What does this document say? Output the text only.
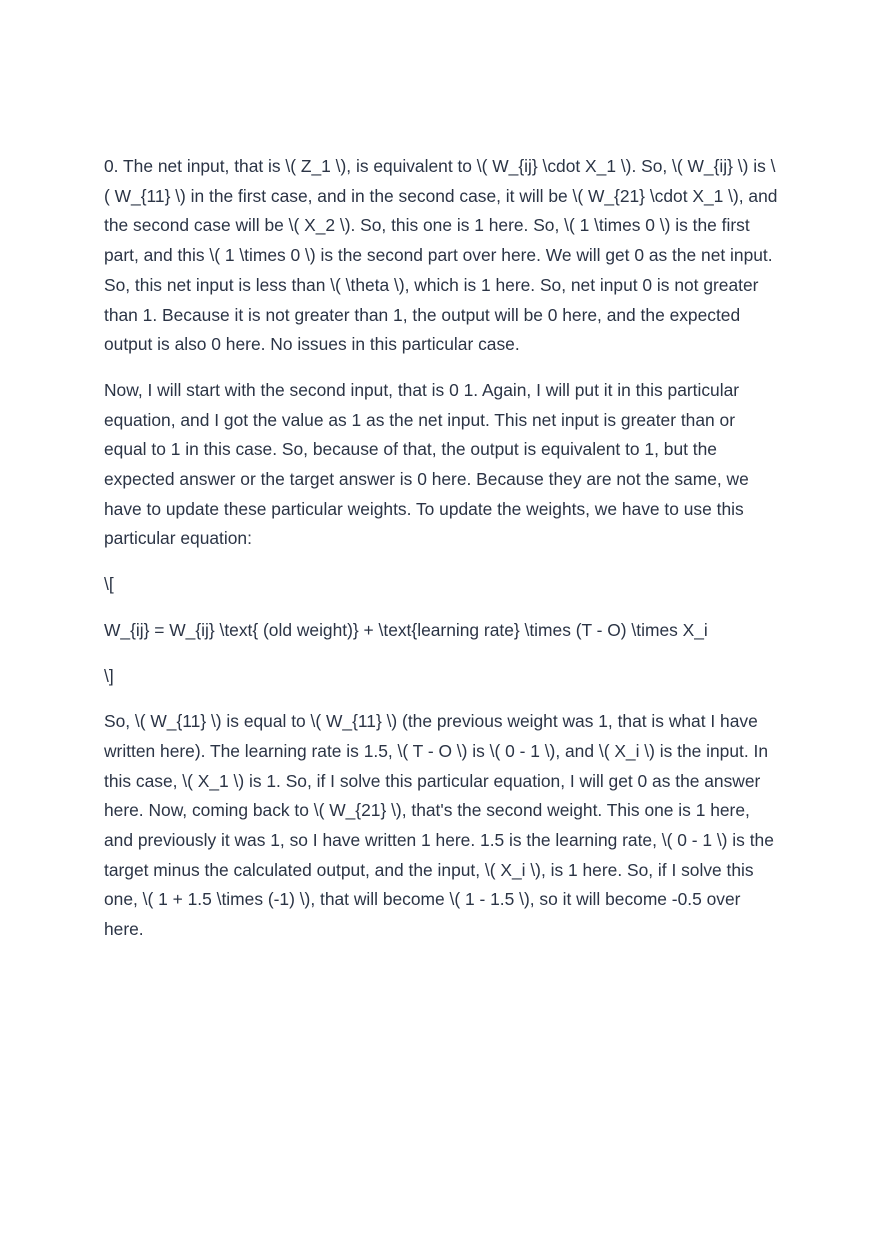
0. The net input, that is \( Z_1 \), is equivalent to \( W_{ij} \cdot X_1 \). So, \( W_{ij} \) is \( W_{11} \) in the first case, and in the second case, it will be \( W_{21} \cdot X_1 \), and the second case will be \( X_2 \). So, this one is 1 here. So, \( 1 \times 0 \) is the first part, and this \( 1 \times 0 \) is the second part over here. We will get 0 as the net input. So, this net input is less than \( \theta \), which is 1 here. So, net input 0 is not greater than 1. Because it is not greater than 1, the output will be 0 here, and the expected output is also 0 here. No issues in this particular case.

Now, I will start with the second input, that is 0 1. Again, I will put it in this particular equation, and I got the value as 1 as the net input. This net input is greater than or equal to 1 in this case. So, because of that, the output is equivalent to 1, but the expected answer or the target answer is 0 here. Because they are not the same, we have to update these particular weights. To update the weights, we have to use this particular equation:

\[

W_{ij} = W_{ij} \text{ (old weight)} + \text{learning rate} \times (T - O) \times X_i

\]

So, \( W_{11} \) is equal to \( W_{11} \) (the previous weight was 1, that is what I have written here). The learning rate is 1.5, \( T - O \) is \( 0 - 1 \), and \( X_i \) is the input. In this case, \( X_1 \) is 1. So, if I solve this particular equation, I will get 0 as the answer here. Now, coming back to \( W_{21} \), that's the second weight. This one is 1 here, and previously it was 1, so I have written 1 here. 1.5 is the learning rate, \( 0 - 1 \) is the target minus the calculated output, and the input, \( X_i \), is 1 here. So, if I solve this one, \( 1 + 1.5 \times (-1) \), that will become \( 1 - 1.5 \), so it will become -0.5 over here.
